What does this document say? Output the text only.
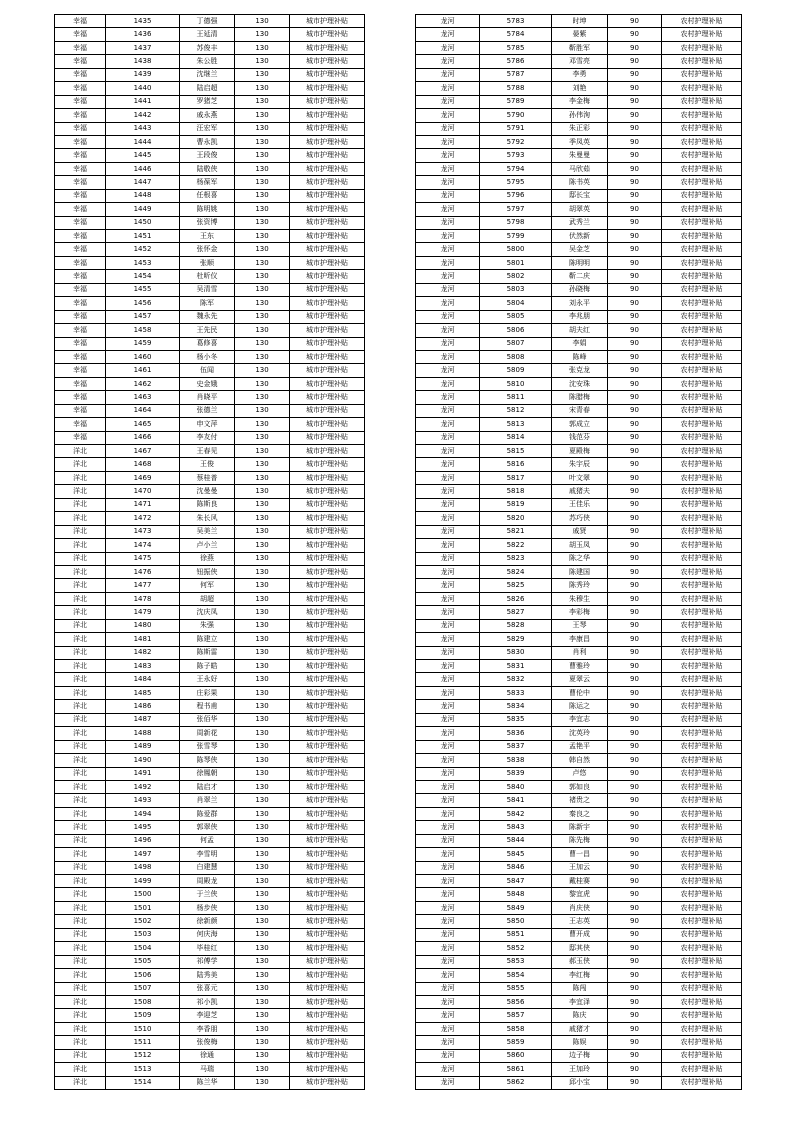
幸福	1435	丁德强	130	城市护理补贴
幸福	1436	王延清	130	城市护理补贴
幸福	1437	苏俊丰	130	城市护理补贴
幸福	1438	朱公胜	130	城市护理补贴
幸福	1439	沈继兰	130	城市护理补贴
幸福	1440	陆启超	130	城市护理补贴
幸福	1441	罗猪芝	130	城市护理补贴
幸福	1442	戚永燕	130	城市护理补贴
幸福	1443	汪宏军	130	城市护理补贴
幸福	1444	曹永凯	130	城市护理补贴
幸福	1445	王段俊	130	城市护理补贴
幸福	1446	陆敬侠	130	城市护理补贴
幸福	1447	杨葆军	130	城市护理补贴
幸福	1448	任根喜	130	城市护理补贴
幸福	1449	陈明姚	130	城市护理补贴
幸福	1450	张资博	130	城市护理补贴
幸福	1451	王东	130	城市护理补贴
幸福	1452	张怀金	130	城市护理补贴
幸福	1453	张顺	130	城市护理补贴
幸福	1454	杜昕仪	130	城市护理补贴
幸福	1455	吴清雪	130	城市护理补贴
幸福	1456	陈军	130	城市护理补贴
幸福	1457	魏永先	130	城市护理补贴
幸福	1458	王先民	130	城市护理补贴
幸福	1459	葛修喜	130	城市护理补贴
幸福	1460	杨小冬	130	城市护理补贴
幸福	1461	伍闻	130	城市护理补贴
幸福	1462	史金娥	130	城市护理补贴
幸福	1463	肖晓平	130	城市护理补贴
幸福	1464	张德兰	130	城市护理补贴
幸福	1465	申文萍	130	城市护理补贴
幸福	1466	李友付	130	城市护理补贴
洋北	1467	王春见	130	城市护理补贴
洋北	1468	王俊	130	城市护理补贴
洋北	1469	蔡桂普	130	城市护理补贴
洋北	1470	沈曼曼	130	城市护理补贴
洋北	1471	陈斯良	130	城市护理补贴
洋北	1472	朱长风	130	城市护理补贴
洋北	1473	吴美兰	130	城市护理补贴
洋北	1474	卢小兰	130	城市护理补贴
洋北	1475	徐燕	130	城市护理补贴
洋北	1476	钮振侠	130	城市护理补贴
洋北	1477	何军	130	城市护理补贴
洋北	1478	胡超	130	城市护理补贴
洋北	1479	沈庆凤	130	城市护理补贴
洋北	1480	朱强	130	城市护理补贴
洋北	1481	陈建立	130	城市护理补贴
洋北	1482	陈斯雷	130	城市护理补贴
洋北	1483	陈子皓	130	城市护理补贴
洋北	1484	王永好	130	城市护理补贴
洋北	1485	庄彩果	130	城市护理补贴
洋北	1486	程书甫	130	城市护理补贴
洋北	1487	张佰华	130	城市护理补贴
洋北	1488	周新花	130	城市护理补贴
洋北	1489	张雪琴	130	城市护理补贴
洋北	1490	陈琴侠	130	城市护理补贴
洋北	1491	徐鳳朝	130	城市护理补贴
洋北	1492	陆启才	130	城市护理补贴
洋北	1493	肖翠兰	130	城市护理补贴
洋北	1494	陈爱群	130	城市护理补贴
洋北	1495	郭翠侠	130	城市护理补贴
洋北	1496	何孟	130	城市护理补贴
洋北	1497	李雪明	130	城市护理补贴
洋北	1498	白建慧	130	城市护理补贴
洋北	1499	周殿龙	130	城市护理补贴
洋北	1500	于兰侠	130	城市护理补贴
洋北	1501	杨步侠	130	城市护理补贴
洋北	1502	徐新颜	130	城市护理补贴
洋北	1503	何庆海	130	城市护理补贴
洋北	1504	毕桂红	130	城市护理补贴
洋北	1505	祁傅学	130	城市护理补贴
洋北	1506	陆秀美	130	城市护理补贴
洋北	1507	张喜元	130	城市护理补贴
洋北	1508	祁小凯	130	城市护理补贴
洋北	1509	李迎芝	130	城市护理补贴
洋北	1510	李香朋	130	城市护理补贴
洋北	1511	张俊梅	130	城市护理补贴
洋北	1512	徐通	130	城市护理补贴
洋北	1513	马瑞	130	城市护理补贴
洋北	1514	陈兰华	130	城市护理补贴
龙河	5783	时坤	90	农村护理补贴
龙河	5784	晏紫	90	农村护理补贴
龙河	5785	靳胜军	90	农村护理补贴
龙河	5786	邓雪亮	90	农村护理补贴
龙河	5787	李勇	90	农村护理补贴
龙河	5788	刘艳	90	农村护理补贴
龙河	5789	李金梅	90	农村护理补贴
龙河	5790	孙伟洵	90	农村护理补贴
龙河	5791	朱正彩	90	农村护理补贴
龙河	5792	季凤英	90	农村护理补贴
龙河	5793	朱曼曼	90	农村护理补贴
龙河	5794	马欣茹	90	农村护理补贴
龙河	5795	陈书英	90	农村护理补贴
龙河	5796	邸长宝	90	农村护理补贴
龙河	5797	胡翠英	90	农村护理补贴
龙河	5798	武秀兰	90	农村护理补贴
龙河	5799	伏然新	90	农村护理补贴
龙河	5800	吴金芝	90	农村护理补贴
龙河	5801	陈明明	90	农村护理补贴
龙河	5802	靳二庆	90	农村护理补贴
龙河	5803	孙晓梅	90	农村护理补贴
龙河	5804	刘永平	90	农村护理补贴
龙河	5805	李兆朋	90	农村护理补贴
龙河	5806	胡夫红	90	农村护理补贴
龙河	5807	李娟	90	农村护理补贴
龙河	5808	陈峰	90	农村护理补贴
龙河	5809	张克龙	90	农村护理补贴
龙河	5810	沈安珠	90	农村护理补贴
龙河	5811	陈腊梅	90	农村护理补贴
龙河	5812	宋青春	90	农村护理补贴
龙河	5813	郭成立	90	农村护理补贴
龙河	5814	钱范芬	90	农村护理补贴
龙河	5815	夏殿梅	90	农村护理补贴
龙河	5816	朱宇辰	90	农村护理补贴
龙河	5817	叶文翠	90	农村护理补贴
龙河	5818	戚猪夫	90	农村护理补贴
龙河	5819	王佳乐	90	农村护理补贴
龙河	5820	苏巧侠	90	农村护理补贴
龙河	5821	戚贤	90	农村护理补贴
龙河	5822	胡玉凤	90	农村护理补贴
龙河	5823	陈之华	90	农村护理补贴
龙河	5824	陈建国	90	农村护理补贴
龙河	5825	陈秀玲	90	农村护理补贴
龙河	5826	朱穆生	90	农村护理补贴
龙河	5827	李彩梅	90	农村护理补贴
龙河	5828	王琴	90	农村护理补贴
龙河	5829	李康昌	90	农村护理补贴
龙河	5830	肖利	90	农村护理补贴
龙河	5831	曹雅玲	90	农村护理补贴
龙河	5832	夏翠云	90	农村护理补贴
龙河	5833	曹伦中	90	农村护理补贴
龙河	5834	陈运之	90	农村护理补贴
龙河	5835	李宜志	90	农村护理补贴
龙河	5836	沈英玲	90	农村护理补贴
龙河	5837	孟艳平	90	农村护理补贴
龙河	5838	韩自然	90	农村护理补贴
龙河	5839	卢悠	90	农村护理补贴
龙河	5840	郭如良	90	农村护理补贴
龙河	5841	褚贵之	90	农村护理补贴
龙河	5842	秦良之	90	农村护理补贴
龙河	5843	陈新宇	90	农村护理补贴
龙河	5844	陈先梅	90	农村护理补贴
龙河	5845	曹一昌	90	农村护理补贴
龙河	5846	王加云	90	农村护理补贴
龙河	5847	戴桂赛	90	农村护理补贴
龙河	5848	黎宜虎	90	农村护理补贴
龙河	5849	肖庆侠	90	农村护理补贴
龙河	5850	王志英	90	农村护理补贴
龙河	5851	曹开成	90	农村护理补贴
龙河	5852	邸其侠	90	农村护理补贴
龙河	5853	郝玉侠	90	农村护理补贴
龙河	5854	李红梅	90	农村护理补贴
龙河	5855	陈闯	90	农村护理补贴
龙河	5856	李宜泽	90	农村护理补贴
龙河	5857	陈庆	90	农村护理补贴
龙河	5858	戚猪才	90	农村护理补贴
龙河	5859	陈娱	90	农村护理补贴
龙河	5860	边子梅	90	农村护理补贴
龙河	5861	王加玲	90	农村护理补贴
龙河	5862	邱小宝	90	农村护理补贴
